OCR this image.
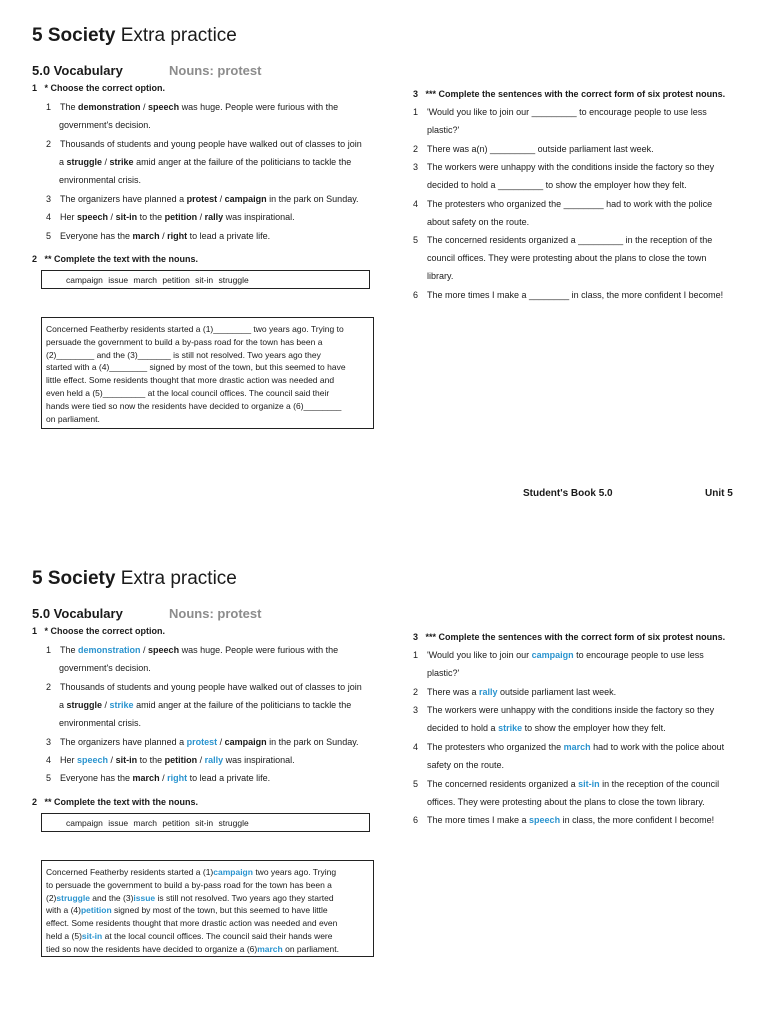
5 Society Extra practice
5.0 Vocabulary	Nouns: protest
1 * Choose the correct option.
1 The demonstration / speech was huge. People were furious with the
government's decision.
2 Thousands of students and young people have walked out of classes to join
a struggle / strike amid anger at the failure of the politicians to tackle the
environmental crisis.
3 The organizers have planned a protest / campaign in the park on Sunday.
4 Her speech / sit-in to the petition / rally was inspirational.
5 Everyone has the march / right to lead a private life.
2 ** Complete the text with the nouns.
campaign issue march petition sit-in struggle
Concerned Featherby residents started a (1)________ two years ago. Trying to
persuade the government to build a by-pass road for the town has been a
(2)________ and the (3)_______ is still not resolved. Two years ago they
started with a (4)________ signed by most of the town, but this seemed to have
little effect. Some residents thought that more drastic action was needed and
even held a (5)_________ at the local council offices. The council said their
hands were tied so now the residents have decided to organize a (6)________
on parliament.
3 *** Complete the sentences with the correct form of six protest nouns.
1 'Would you like to join our _________ to encourage people to use less
plastic?'
2 There was a(n) _________ outside parliament last week.
3 The workers were unhappy with the conditions inside the factory so they
decided to hold a _________ to show the employer how they felt.
4 The protesters who organized the ________ had to work with the police
about safety on the route.
5 The concerned residents organized a _________ in the reception of the
council offices. They were protesting about the plans to close the town
library.
6 The more times I make a ________ in class, the more confident I become!
Student's Book 5.0	Unit 5
5 Society Extra practice
5.0 Vocabulary	Nouns: protest
1 * Choose the correct option.
1 The demonstration / speech was huge. People were furious with the
government's decision.
2 Thousands of students and young people have walked out of classes to join
a struggle / strike amid anger at the failure of the politicians to tackle the
environmental crisis.
3 The organizers have planned a protest / campaign in the park on Sunday.
4 Her speech / sit-in to the petition / rally was inspirational.
5 Everyone has the march / right to lead a private life.
2 ** Complete the text with the nouns.
campaign issue march petition sit-in struggle
Concerned Featherby residents started a (1)campaign two years ago. Trying
to persuade the government to build a by-pass road for the town has been a
(2)struggle and the (3)issue is still not resolved. Two years ago they started
with a (4)petition signed by most of the town, but this seemed to have little
effect. Some residents thought that more drastic action was needed and even
held a (5)sit-in at the local council offices. The council said their hands were
tied so now the residents have decided to organize a (6)march on parliament.
3 *** Complete the sentences with the correct form of six protest nouns.
1 'Would you like to join our campaign to encourage people to use less
plastic?'
2 There was a rally outside parliament last week.
3 The workers were unhappy with the conditions inside the factory so they
decided to hold a strike to show the employer how they felt.
4 The protesters who organized the march had to work with the police about
safety on the route.
5 The concerned residents organized a sit-in in the reception of the council
offices. They were protesting about the plans to close the town library.
6 The more times I make a speech in class, the more confident I become!
